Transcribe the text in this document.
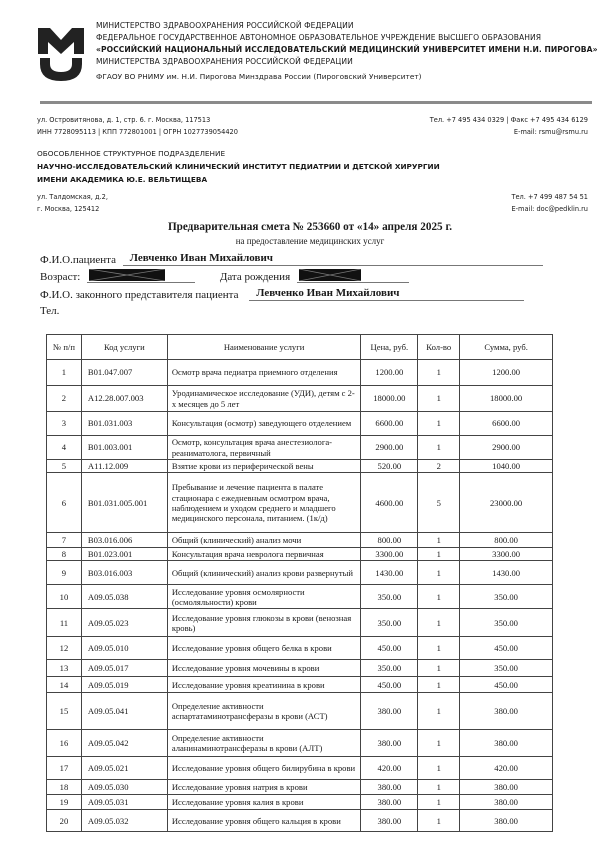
МИНИСТЕРСТВО ЗДРАВООХРАНЕНИЯ РОССИЙСКОЙ ФЕДЕРАЦИИ
ФЕДЕРАЛЬНОЕ ГОСУДАРСТВЕННОЕ АВТОНОМНОЕ ОБРАЗОВАТЕЛЬНОЕ УЧРЕЖДЕНИЕ ВЫСШЕГО ОБРАЗОВАНИЯ
«РОССИЙСКИЙ НАЦИОНАЛЬНЫЙ ИССЛЕДОВАТЕЛЬСКИЙ МЕДИЦИНСКИЙ УНИВЕРСИТЕТ ИМЕНИ Н.И. ПИРОГОВА»
МИНИСТЕРСТВА ЗДРАВООХРАНЕНИЯ РОССИЙСКОЙ ФЕДЕРАЦИИ
ФГАОУ ВО РНИМУ им. Н.И. Пирогова Минздрава России (Пироговский Университет)
ул. Островитянова, д. 1, стр. 6. г. Москва, 117513
ИНН 7728095113 | КПП 772801001 | ОГРН 1027739054420
Тел. +7 495 434 0329 | Факс +7 495 434 6129
E-mail: rsmu@rsmu.ru
ОБОСОБЛЕННОЕ СТРУКТУРНОЕ ПОДРАЗДЕЛЕНИЕ
НАУЧНО-ИССЛЕДОВАТЕЛЬСКИЙ КЛИНИЧЕСКИЙ ИНСТИТУТ ПЕДИАТРИИ И ДЕТСКОЙ ХИРУРГИИ
ИМЕНИ АКАДЕМИКА Ю.Е. ВЕЛЬТИЩЕВА
ул. Талдомская, д.2,
г. Москва, 125412
Тел. +7 499 487 54 51
E-mail: doc@pedklin.ru
Предварительная смета № 253660 от «14» апреля 2025 г.
на предоставление медицинских услуг
Ф.И.О.пациента Левченко Иван Михайлович
Возраст:	Дата рождения
Ф.И.О. законного представителя пациента Левченко Иван Михайлович
Тел.
№ п/п	Код услуги	Наименование услуги	Цена, руб.	Кол-во	Сумма, руб.
1	B01.047.007	Осмотр врача педиатра приемного отделения	1200.00	1	1200.00
2	A12.28.007.003	Уродинамическое исследование (УДИ), детям с 2-х месяцев до 5 лет	18000.00	1	18000.00
3	B01.031.003	Консультация (осмотр) заведующего отделением	6600.00	1	6600.00
4	B01.003.001	Осмотр, консультация врача анестезиолога-реаниматолога, первичный	2900.00	1	2900.00
5	A11.12.009	Взятие крови из периферической вены	520.00	2	1040.00
6	B01.031.005.001	Пребывание и лечение пациента в палате стационара с ежедневным осмотром врача, наблюдением и уходом среднего и младшего медицинского персонала, питанием. (1к/д)	4600.00	5	23000.00
7	B03.016.006	Общий (клинический) анализ мочи	800.00	1	800.00
8	B01.023.001	Консультация врача невролога первичная	3300.00	1	3300.00
9	B03.016.003	Общий (клинический) анализ крови развернутый	1430.00	1	1430.00
10	A09.05.038	Исследование уровня осмолярности (осмоляльности) крови	350.00	1	350.00
11	A09.05.023	Исследование уровня глюкозы в крови (венозная кровь)	350.00	1	350.00
12	A09.05.010	Исследование уровня общего белка в крови	450.00	1	450.00
13	A09.05.017	Исследование уровня мочевины в крови	350.00	1	350.00
14	A09.05.019	Исследование уровня креатинина в крови	450.00	1	450.00
15	A09.05.041	Определение активности аспартатаминотрансферазы в крови (АСТ)	380.00	1	380.00
16	A09.05.042	Определение активности аланинаминотрансферазы в крови (АЛТ)	380.00	1	380.00
17	A09.05.021	Исследование уровня общего билирубина в крови	420.00	1	420.00
18	A09.05.030	Исследование уровня натрия в крови	380.00	1	380.00
19	A09.05.031	Исследование уровня калия в крови	380.00	1	380.00
20	A09.05.032	Исследование уровня общего кальция в крови	380.00	1	380.00
